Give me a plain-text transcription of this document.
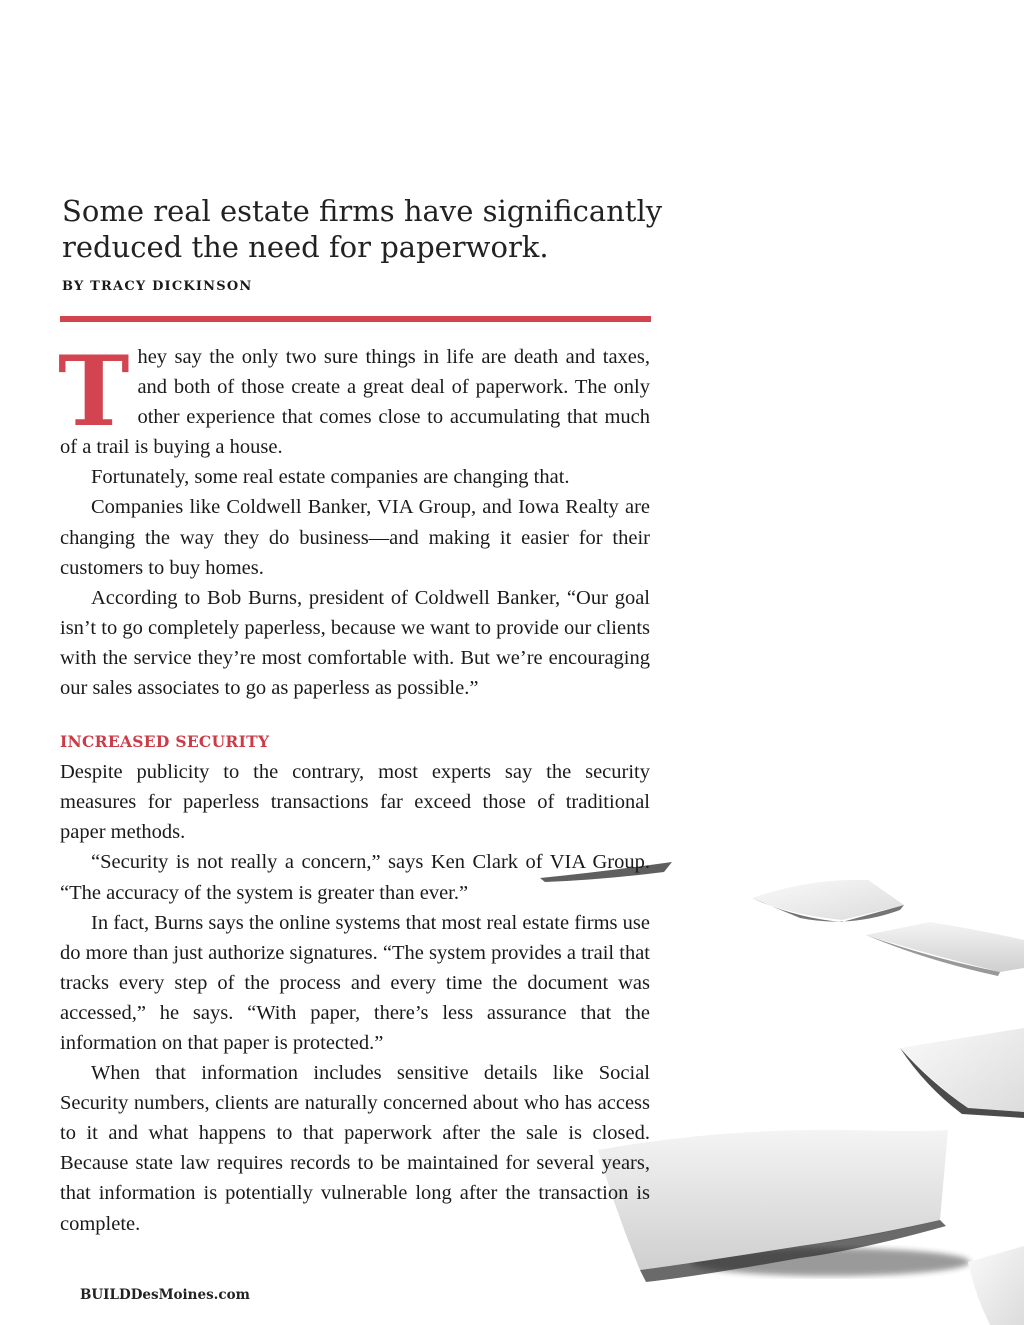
Some real estate firms have significantly reduced the need for paperwork.
BY TRACY DICKINSON

They say the only two sure things in life are death and taxes, and both of those create a great deal of paperwork. The only other experience that comes close to accumulating that much of a trail is buying a house.

Fortunately, some real estate companies are changing that.

Companies like Coldwell Banker, VIA Group, and Iowa Realty are changing the way they do business—and making it easier for their customers to buy homes.

According to Bob Burns, president of Coldwell Banker, “Our goal isn’t to go completely paperless, because we want to provide our clients with the service they’re most comfortable with. But we’re encouraging our sales associates to go as paperless as possible.”

INCREASED SECURITY

Despite publicity to the contrary, most experts say the security measures for paperless transactions far exceed those of traditional paper methods.

“Security is not really a concern,” says Ken Clark of VIA Group. “The accuracy of the system is greater than ever.”

In fact, Burns says the online systems that most real estate firms use do more than just authorize signatures. “The system provides a trail that tracks every step of the process and every time the document was accessed,” he says. “With paper, there’s less assurance that the information on that paper is protected.”

When that information includes sensitive details like Social Security numbers, clients are naturally concerned about who has access to it and what happens to that paperwork after the sale is closed. Because state law requires records to be maintained for several years, that information is potentially vulnerable long after the transaction is complete.

BUILDDesMoines.com
